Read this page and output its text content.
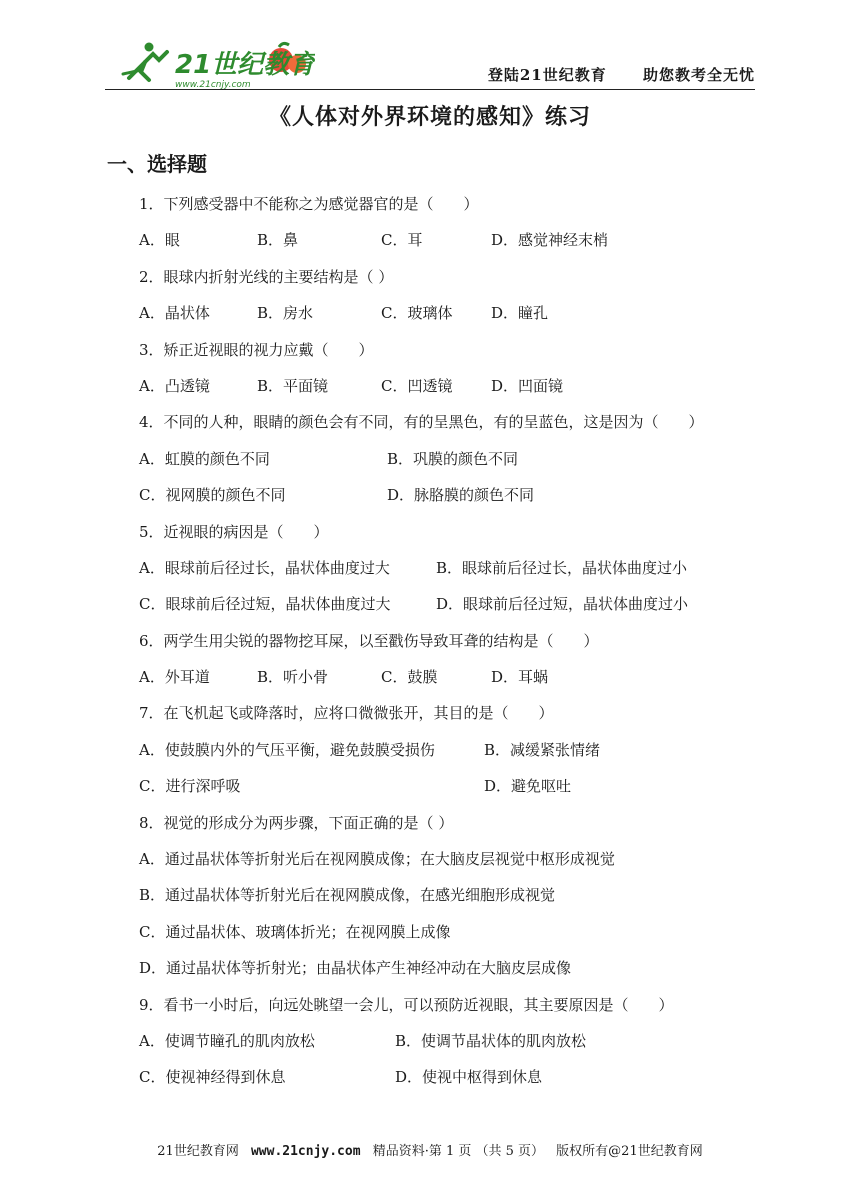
21世纪教育
www.21cnjy.com
登陆21世纪教育 助您教考全无忧
《人体对外界环境的感知》练习
一、选择题
1．下列感受器中不能称之为感觉器官的是（　　）
A．眼	B．鼻	C．耳	D．感觉神经末梢
2．眼球内折射光线的主要结构是（ ）
A．晶状体	B．房水	C．玻璃体	D．瞳孔
3．矫正近视眼的视力应戴（　　）
A．凸透镜	B．平面镜	C．凹透镜	D．凹面镜
4．不同的人种，眼睛的颜色会有不同，有的呈黑色，有的呈蓝色，这是因为（　　）
A．虹膜的颜色不同	B．巩膜的颜色不同
C．视网膜的颜色不同	D．脉胳膜的颜色不同
5．近视眼的病因是（　　）
A．眼球前后径过长，晶状体曲度过大	B．眼球前后径过长，晶状体曲度过小
C．眼球前后径过短，晶状体曲度过大	D．眼球前后径过短，晶状体曲度过小
6．两学生用尖锐的器物挖耳屎，以至戳伤导致耳聋的结构是（　　）
A．外耳道	B．听小骨	C．鼓膜	D．耳蜗
7．在飞机起飞或降落时，应将口微微张开，其目的是（　　）
A．使鼓膜内外的气压平衡，避免鼓膜受损伤	B．减缓紧张情绪
C．进行深呼吸	D．避免呕吐
8．视觉的形成分为两步骤，下面正确的是（ ）
A．通过晶状体等折射光后在视网膜成像；在大脑皮层视觉中枢形成视觉
B．通过晶状体等折射光后在视网膜成像，在感光细胞形成视觉
C．通过晶状体、玻璃体折光；在视网膜上成像
D．通过晶状体等折射光；由晶状体产生神经冲动在大脑皮层成像
9．看书一小时后，向远处眺望一会儿，可以预防近视眼，其主要原因是（　　）
A．使调节瞳孔的肌肉放松	B．使调节晶状体的肌肉放松
C．使视神经得到休息	D．使视中枢得到休息
21世纪教育网 www.21cnjy.com 精品资料·第 1 页 （共 5 页） 版权所有@21世纪教育网
